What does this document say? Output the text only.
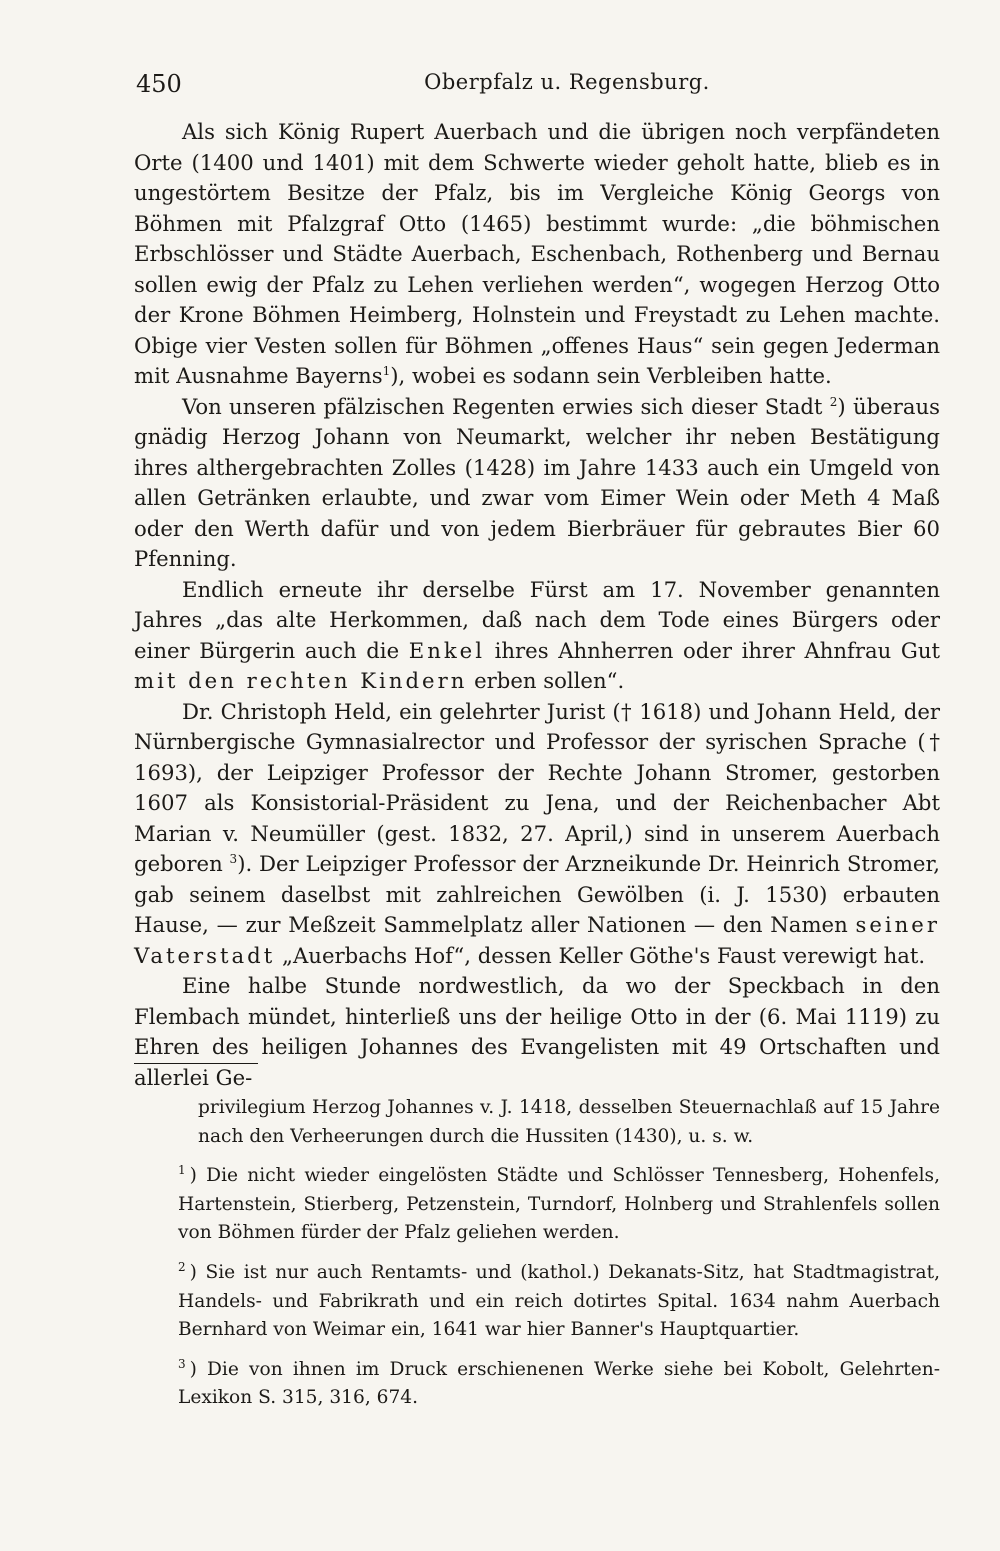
450	Oberpfalz u. Regensburg.

Als sich König Rupert Auerbach und die übrigen noch verpfändeten Orte (1400 und 1401) mit dem Schwerte wieder geholt hatte, blieb es in ungestörtem Besitze der Pfalz, bis im Vergleiche König Georgs von Böhmen mit Pfalzgraf Otto (1465) bestimmt wurde: „die böhmischen Erbschlösser und Städte Auerbach, Eschenbach, Rothenberg und Bernau sollen ewig der Pfalz zu Lehen verliehen werden“, wogegen Herzog Otto der Krone Böhmen Heimberg, Holnstein und Freystadt zu Lehen machte. Obige vier Vesten sollen für Böhmen „offenes Haus“ sein gegen Jederman mit Ausnahme Bayerns$^1$), wobei es sodann sein Verbleiben hatte.

Von unseren pfälzischen Regenten erwies sich dieser Stadt $^2$) überaus gnädig Herzog Johann von Neumarkt, welcher ihr neben Bestätigung ihres althergebrachten Zolles (1428) im Jahre 1433 auch ein Umgeld von allen Getränken erlaubte, und zwar vom Eimer Wein oder Meth 4 Maß oder den Werth dafür und von jedem Bierbräuer für gebrautes Bier 60 Pfenning.

Endlich erneute ihr derselbe Fürst am 17. November genannten Jahres „das alte Herkommen, daß nach dem Tode eines Bürgers oder einer Bürgerin auch die Enkel ihres Ahnherren oder ihrer Ahnfrau Gut mit den rechten Kindern erben sollen“.

Dr. Christoph Held, ein gelehrter Jurist († 1618) und Johann Held, der Nürnbergische Gymnasialrector und Professor der syrischen Sprache († 1693), der Leipziger Professor der Rechte Johann Stromer, gestorben 1607 als Konsistorial-Präsident zu Jena, und der Reichenbacher Abt Marian v. Neumüller (gest. 1832, 27. April,) sind in unserem Auerbach geboren $^3$). Der Leipziger Professor der Arzneikunde Dr. Heinrich Stromer, gab seinem daselbst mit zahlreichen Gewölben (i. J. 1530) erbauten Hause, — zur Meßzeit Sammelplatz aller Nationen — den Namen seiner Vaterstadt „Auerbachs Hof“, dessen Keller Göthe's Faust verewigt hat.

Eine halbe Stunde nordwestlich, da wo der Speckbach in den Flembach mündet, hinterließ uns der heilige Otto in der (6. Mai 1119) zu Ehren des heiligen Johannes des Evangelisten mit 49 Ortschaften und allerlei Ge-

privilegium Herzog Johannes v. J. 1418, desselben Steuernachlaß auf 15 Jahre nach den Verheerungen durch die Hussiten (1430), u. s. w.

$^1$ ) Die nicht wieder eingelösten Städte und Schlösser Tennesberg, Hohenfels, Hartenstein, Stierberg, Petzenstein, Turndorf, Holnberg und Strahlenfels sollen von Böhmen fürder der Pfalz geliehen werden.

$^2$ ) Sie ist nur auch Rentamts- und (kathol.) Dekanats-Sitz, hat Stadtmagistrat, Handels- und Fabrikrath und ein reich dotirtes Spital. 1634 nahm Auerbach Bernhard von Weimar ein, 1641 war hier Banner's Hauptquartier.

$^3$ ) Die von ihnen im Druck erschienenen Werke siehe bei Kobolt, Gelehrten-Lexikon S. 315, 316, 674.
